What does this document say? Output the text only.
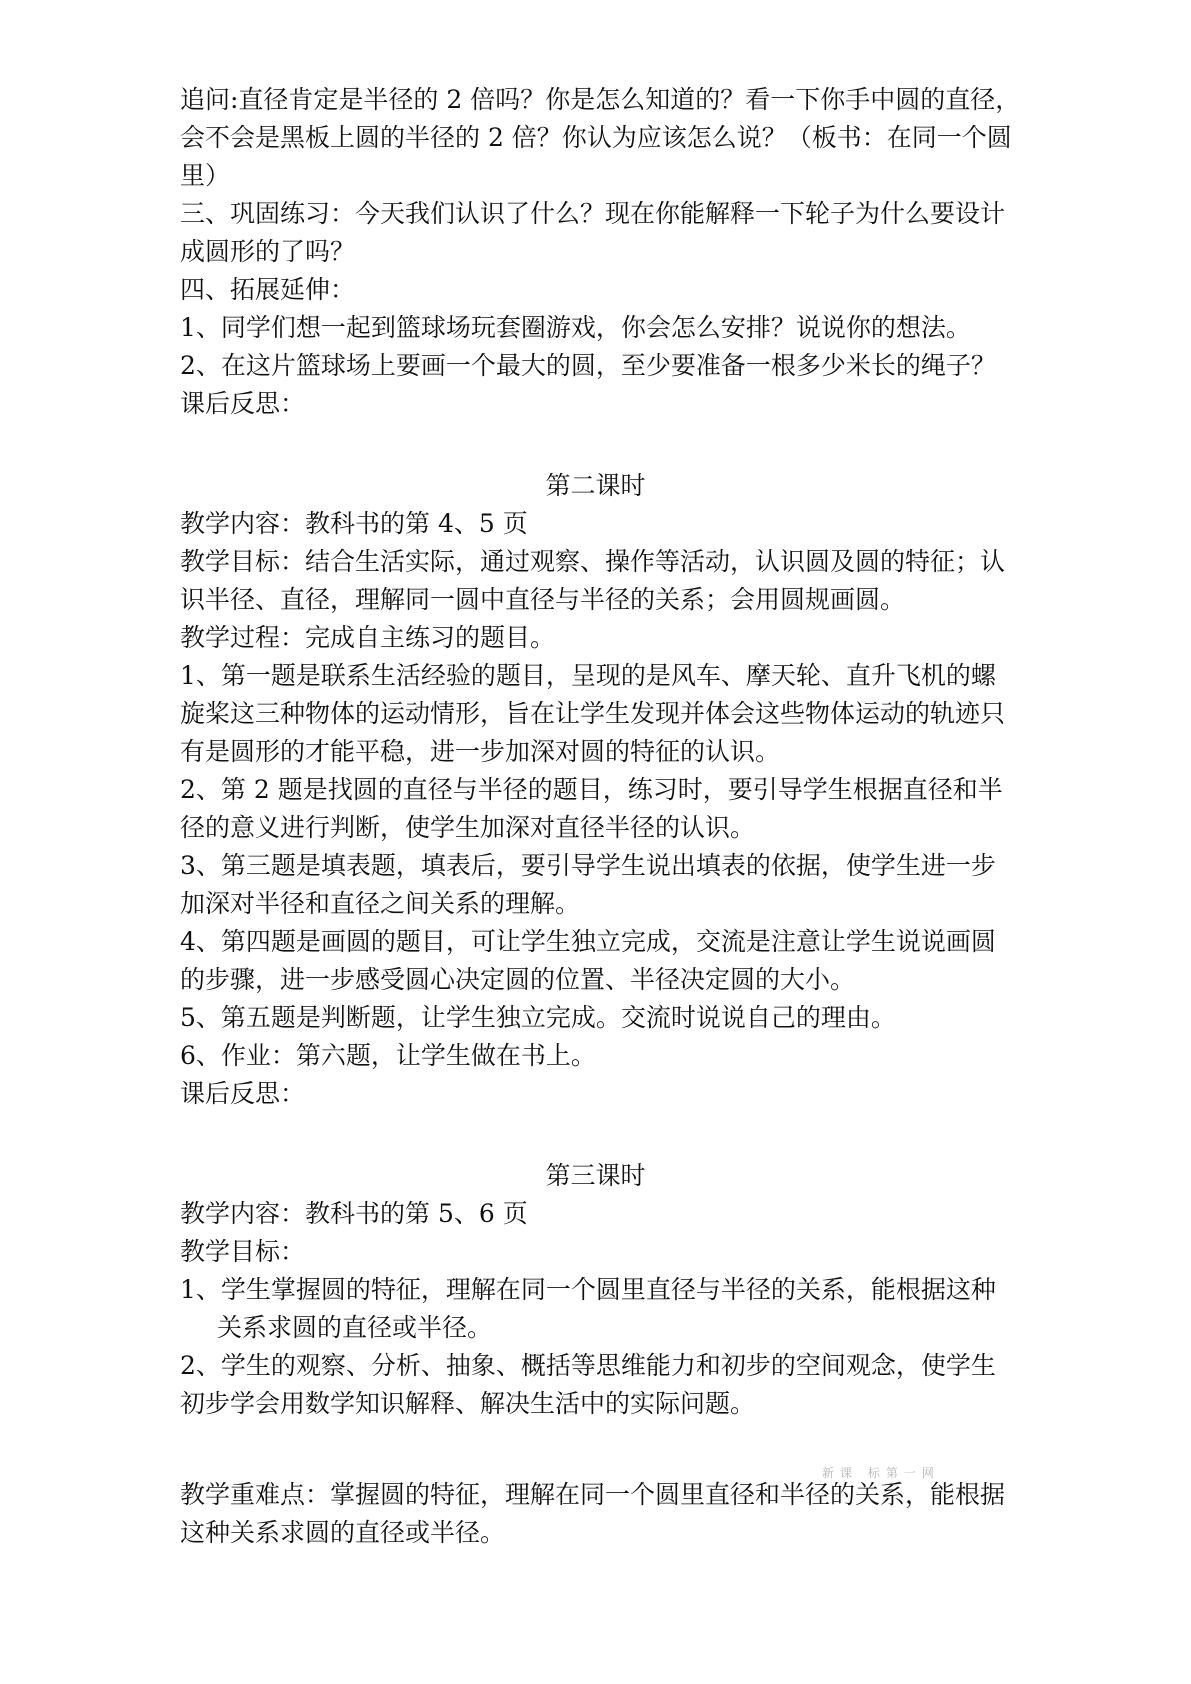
追问:直径肯定是半径的 2 倍吗？你是怎么知道的？看一下你手中圆的直径，
会不会是黑板上圆的半径的 2 倍？你认为应该怎么说？（板书：在同一个圆
里）
三、巩固练习：今天我们认识了什么？现在你能解释一下轮子为什么要设计
成圆形的了吗？
四、拓展延伸：
1、同学们想一起到篮球场玩套圈游戏，你会怎么安排？说说你的想法。
2、在这片篮球场上要画一个最大的圆，至少要准备一根多少米长的绳子？
课后反思：
第二课时
教学内容：教科书的第 4、5 页
教学目标：结合生活实际，通过观察、操作等活动，认识圆及圆的特征；认
识半径、直径，理解同一圆中直径与半径的关系；会用圆规画圆。
教学过程：完成自主练习的题目。
1、第一题是联系生活经验的题目，呈现的是风车、摩天轮、直升飞机的螺
旋桨这三种物体的运动情形，旨在让学生发现并体会这些物体运动的轨迹只
有是圆形的才能平稳，进一步加深对圆的特征的认识。
2、第 2 题是找圆的直径与半径的题目，练习时，要引导学生根据直径和半
径的意义进行判断，使学生加深对直径半径的认识。
3、第三题是填表题，填表后，要引导学生说出填表的依据，使学生进一步
加深对半径和直径之间关系的理解。
4、第四题是画圆的题目，可让学生独立完成，交流是注意让学生说说画圆
的步骤，进一步感受圆心决定圆的位置、半径决定圆的大小。
5、第五题是判断题，让学生独立完成。交流时说说自己的理由。
6、作业：第六题，让学生做在书上。
课后反思：
第三课时
教学内容：教科书的第 5、6 页
教学目标：
1、学生掌握圆的特征，理解在同一个圆里直径与半径的关系，能根据这种
关系求圆的直径或半径。
2、学生的观察、分析、抽象、概括等思维能力和初步的空间观念，使学生
初步学会用数学知识解释、解决生活中的实际问题。
教学重难点：掌握圆的特征，理解在同一个圆里直径和半径的关系，能根据
这种关系求圆的直径或半径。
新课 标第一网
